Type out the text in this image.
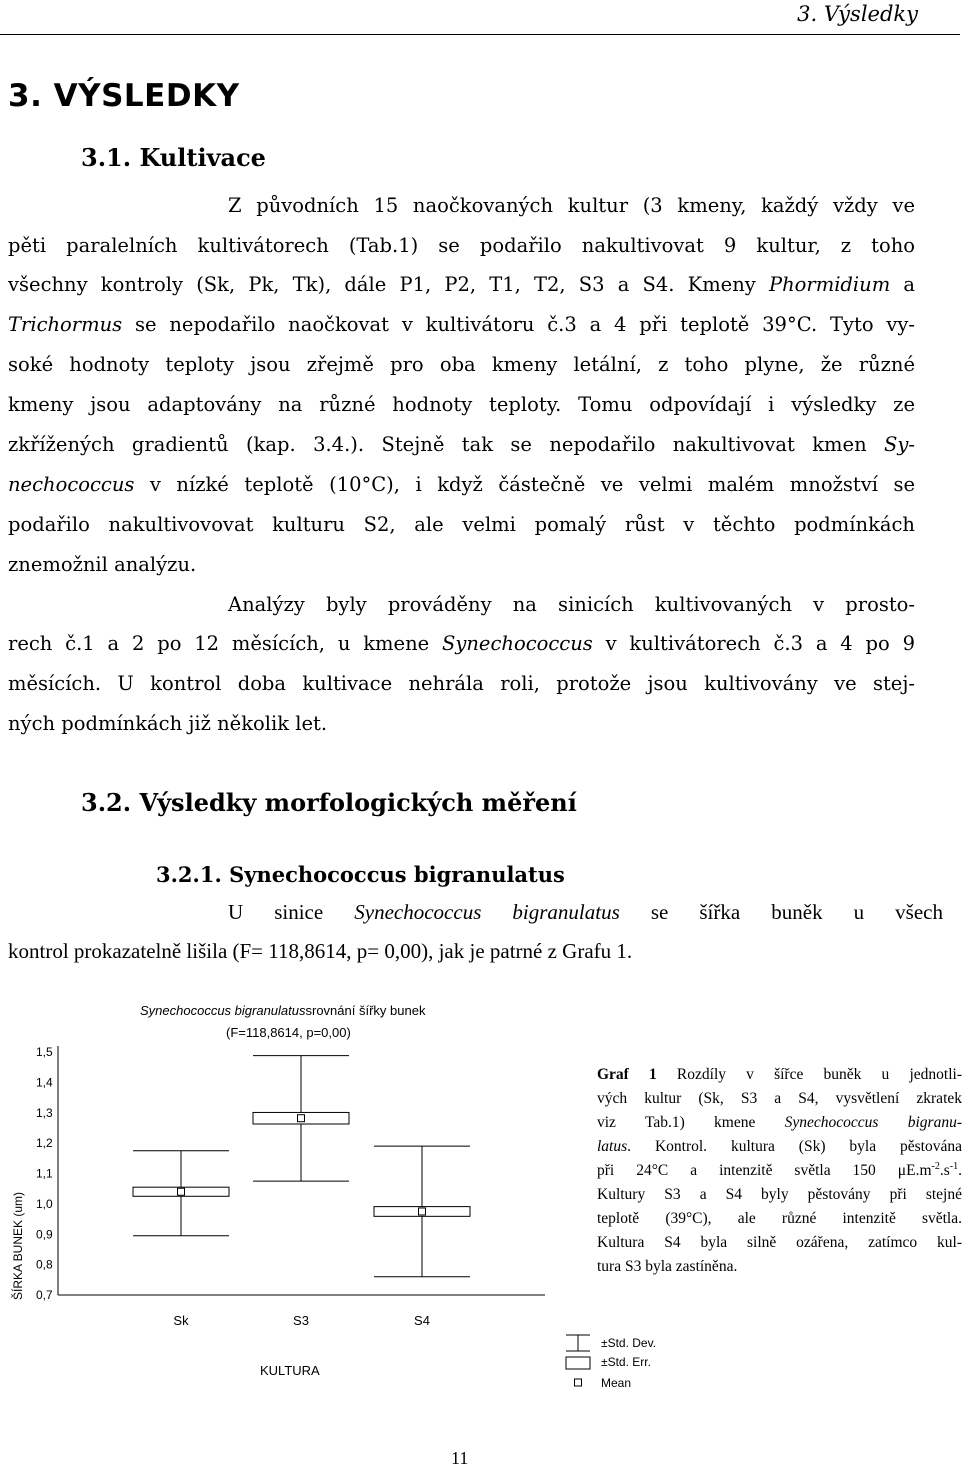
3. Výsledky
3. VÝSLEDKY
3.1. Kultivace
Z původních 15 naočkovaných kultur (3 kmeny, každý vždy ve
pěti paralelních kultivátorech (Tab.1) se podařilo nakultivovat 9 kultur, z toho
všechny kontroly (Sk, Pk, Tk), dále P1, P2, T1, T2, S3 a S4. Kmeny Phormidium a
Trichormus se nepodařilo naočkovat v kultivátoru č.3 a 4 při teplotě 39°C. Tyto vy-
soké hodnoty teploty jsou zřejmě pro oba kmeny letální, z toho plyne, že různé
kmeny jsou adaptovány na různé hodnoty teploty. Tomu odpovídají i výsledky ze
zkřížených gradientů (kap. 3.4.). Stejně tak se nepodařilo nakultivovat kmen Sy-
nechococcus v nízké teplotě (10°C), i když částečně ve velmi malém množství se
podařilo nakultivovovat kulturu S2, ale velmi pomalý růst v těchto podmínkách
znemožnil analýzu.
Analýzy byly prováděny na sinicích kultivovaných v prosto-
rech č.1 a 2 po 12 měsících, u kmene Synechococcus v kultivátorech č.3 a 4 po 9
měsících. U kontrol doba kultivace nehrála roli, protože jsou kultivovány ve stej-
ných podmínkách již několik let.
3.2. Výsledky morfologických měření
3.2.1. Synechococcus bigranulatus
U sinice Synechococcus bigranulatus se šířka buněk u všech
kontrol prokazatelně lišila (F= 118,8614, p= 0,00), jak je patrné z Grafu 1.
Synechococcus bigranulatussrovnání šířky bunek
(F=118,8614, p=0,00)
ŠÍRKA BUNEK (um)
KULTURA
1,5
1,4
1,3
1,2
1,1
1,0
0,9
0,8
0,7
Sk	S3	S4
±Std. Dev.
±Std. Err.
Mean
Graf 1 Rozdíly v šířce buněk u jednotli-
vých kultur (Sk, S3 a S4, vysvětlení zkratek
viz Tab.1) kmene Synechococcus bigranu-
latus. Kontrol. kultura (Sk) byla pěstována
při 24°C a intenzitě světla 150 $\mu E.m^{-2}.s^{-1}$.
Kultury S3 a S4 byly pěstovány při stejné
teplotě (39°C), ale různé intenzitě světla.
Kultura S4 byla silně ozářena, zatímco kul-
tura S3 byla zastíněna.
11
